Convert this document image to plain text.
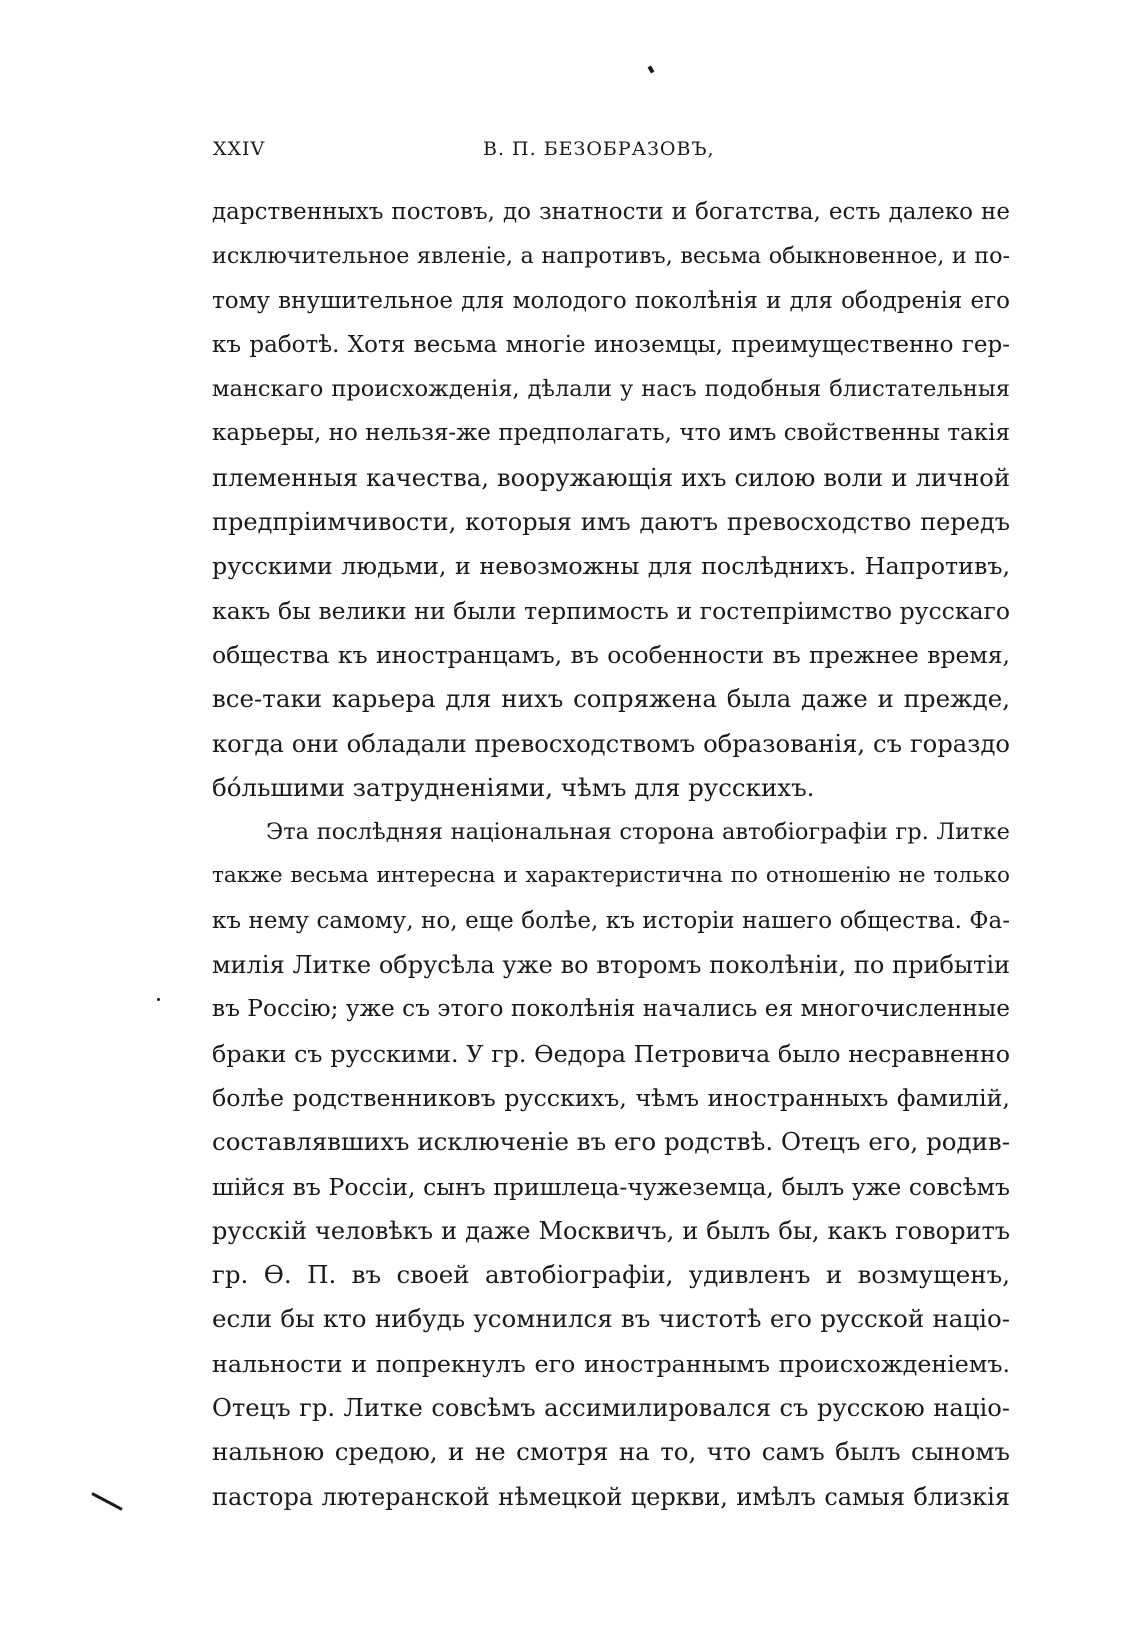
XXIV	В. П. БЕЗОБРАЗОВЪ,
дарственныхъ постовъ, до знатности и богатства, есть далеко не
исключительное явленіе, а напротивъ, весьма обыкновенное, и по-
тому внушительное для молодого поколѣнія и для ободренія его
къ работѣ. Хотя весьма многіе иноземцы, преимущественно гер-
манскаго происхожденія, дѣлали у насъ подобныя блистательныя
карьеры, но нельзя-же предполагать, что имъ свойственны такія
племенныя качества, вооружающія ихъ силою воли и личной
предпріимчивости, которыя имъ даютъ превосходство передъ
русскими людьми, и невозможны для послѣднихъ. Напротивъ,
какъ бы велики ни были терпимость и гостепріимство русскаго
общества къ иностранцамъ, въ особенности въ прежнее время,
все-таки карьера для нихъ сопряжена была даже и прежде,
когда они обладали превосходствомъ образованія, съ гораздо
бóльшими затрудненіями, чѣмъ для русскихъ.
Эта послѣдняя національная сторона автобіографіи гр. Литке
также весьма интересна и характеристична по отношенію не только
къ нему самому, но, еще болѣе, къ исторіи нашего общества. Фа-
милія Литке обрусѣла уже во второмъ поколѣніи, по прибытіи
въ Россію; уже съ этого поколѣнія начались ея многочисленные
браки съ русскими. У гр. Ѳедора Петровича было несравненно
болѣе родственниковъ русскихъ, чѣмъ иностранныхъ фамилій,
составлявшихъ исключеніе въ его родствѣ. Отецъ его, родив-
шійся въ Россіи, сынъ пришлеца-чужеземца, былъ уже совсѣмъ
русскій человѣкъ и даже Москвичъ, и былъ бы, какъ говоритъ
гр. Ѳ. П. въ своей автобіографіи, удивленъ и возмущенъ,
если бы кто нибудь усомнился въ чистотѣ его русской націо-
нальности и попрекнулъ его иностраннымъ происхожденіемъ.
Отецъ гр. Литке совсѣмъ ассимилировался съ русскою націо-
нальною средою, и не смотря на то, что самъ былъ сыномъ
пастора лютеранской нѣмецкой церкви, имѣлъ самыя близкія
